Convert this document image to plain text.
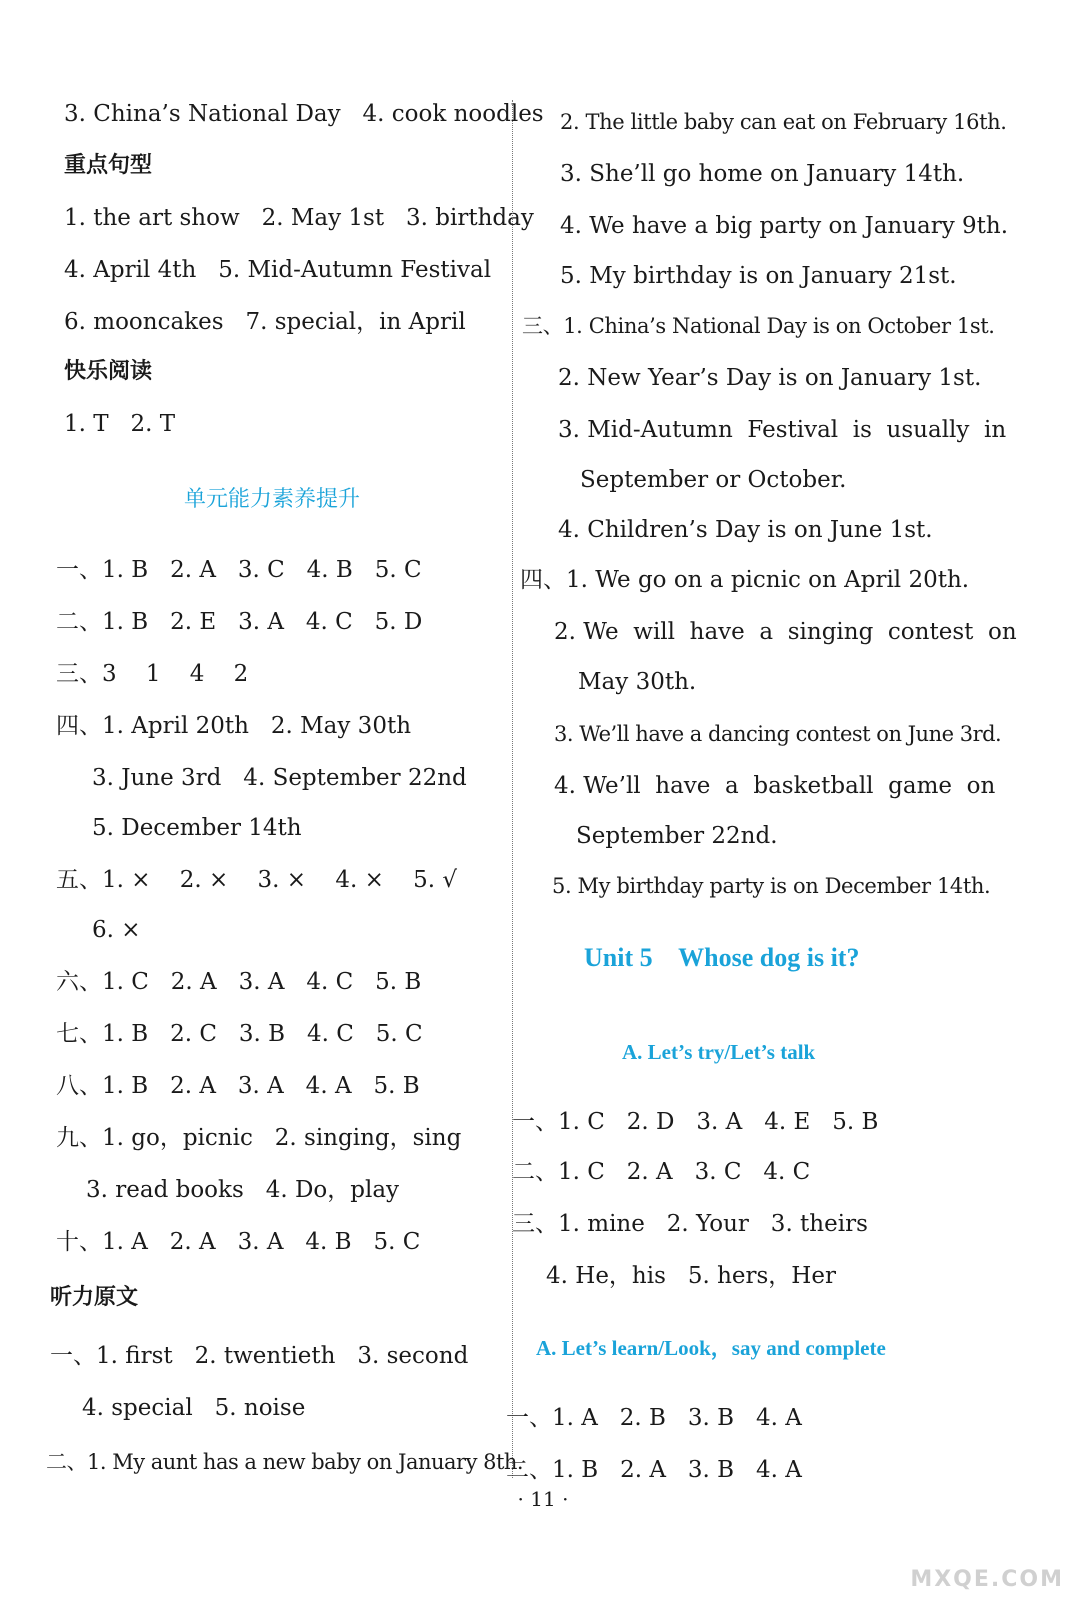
3. China’s National Day   4. cook noodles
重点句型
1. the art show   2. May 1st   3. birthday
4. April 4th   5. Mid-Autumn Festival
6. mooncakes   7. special，in April
快乐阅读
1. T   2. T
单元能力素养提升
一、1. B   2. A   3. C   4. B   5. C
二、1. B   2. E   3. A   4. C   5. D
三、3    1    4    2
四、1. April 20th   2. May 30th
3. June 3rd   4. September 22nd
5. December 14th
五、1. ×    2. ×    3. ×    4. ×    5. √
6. ×
六、1. C   2. A   3. A   4. C   5. B
七、1. B   2. C   3. B   4. C   5. C
八、1. B   2. A   3. A   4. A   5. B
九、1. go，picnic   2. singing，sing
3. read books   4. Do，play
十、1. A   2. A   3. A   4. B   5. C
听力原文
一、1. first   2. twentieth   3. second
4. special   5. noise
二、1. My aunt has a new baby on January 8th.
2. The little baby can eat on February 16th.
3. She’ll go home on January 14th.
4. We have a big party on January 9th.
5. My birthday is on January 21st.
三、1. China’s National Day is on October 1st.
2. New Year’s Day is on January 1st.
3. Mid-Autumn  Festival  is  usually  in
September or October.
4. Children’s Day is on June 1st.
四、1. We go on a picnic on April 20th.
2. We  will  have  a  singing  contest  on
May 30th.
3. We’ll have a dancing contest on June 3rd.
4. We’ll  have  a  basketball  game  on
September 22nd.
5. My birthday party is on December 14th.
Unit 5    Whose dog is it?
A. Let’s try/Let’s talk
一、1. C   2. D   3. A   4. E   5. B
二、1. C   2. A   3. C   4. C
三、1. mine   2. Your   3. theirs
4. He，his   5. hers，Her
A. Let’s learn/Look，say and complete
一、1. A   2. B   3. B   4. A
二、1. B   2. A   3. B   4. A
· 11 ·
MXQE.COM
